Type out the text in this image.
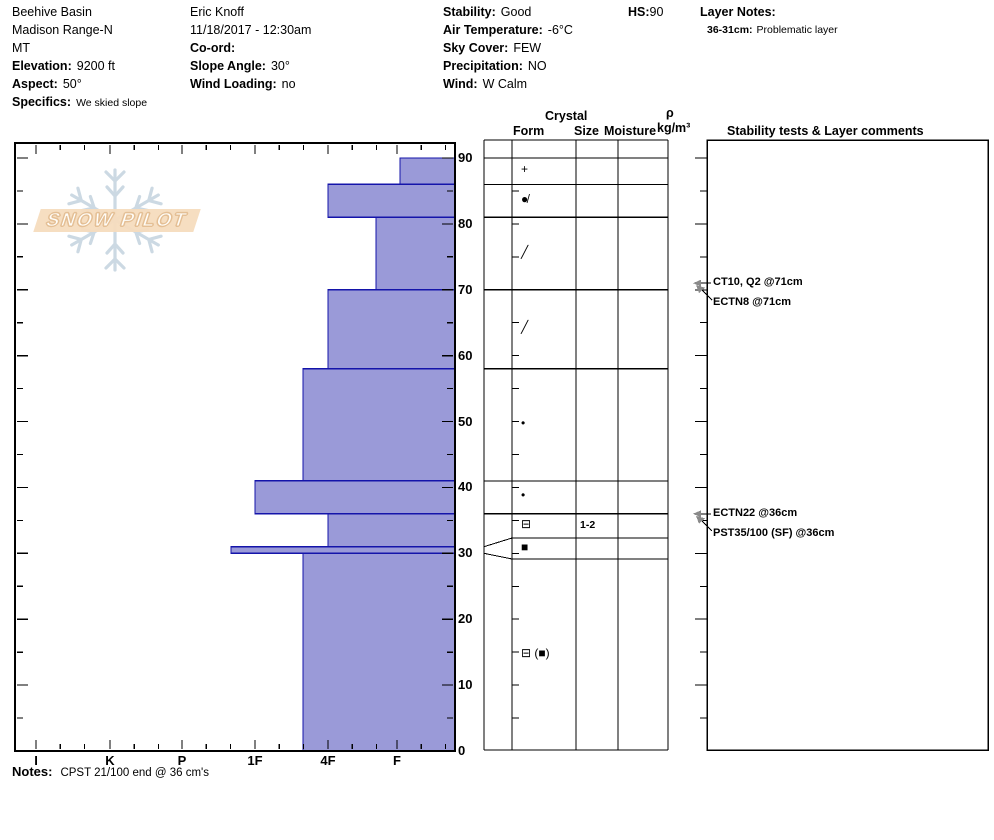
Beehive Basin
Madison Range-N
MT
Elevation: 9200 ft
Aspect: 50°
Specifics: We skied slope
Eric Knoff
11/18/2017 - 12:30am
Co-ord:
Slope Angle: 30°
Wind Loading: no
Stability: Good
Air Temperature: -6°C
Sky Cover: FEW
Precipitation: NO
Wind: W Calm
HS:90	Layer Notes:
36-31cm: Problematic layer
SNOW PILOT
Crystal
Form Size Moisture
ρ
kg/m³	Stability tests & Layer comments
Notes: CPST 21/100 end @ 36 cm's
I	K	P	1F	4F	F
90
80
70
60
50
40
30
20
10
0
+
●̸
╱
╱
•
•
⊟	1-2
■
⊟ (■)
CT10, Q2 @71cm
ECTN8 @71cm
ECTN22 @36cm
PST35/100 (SF) @36cm
